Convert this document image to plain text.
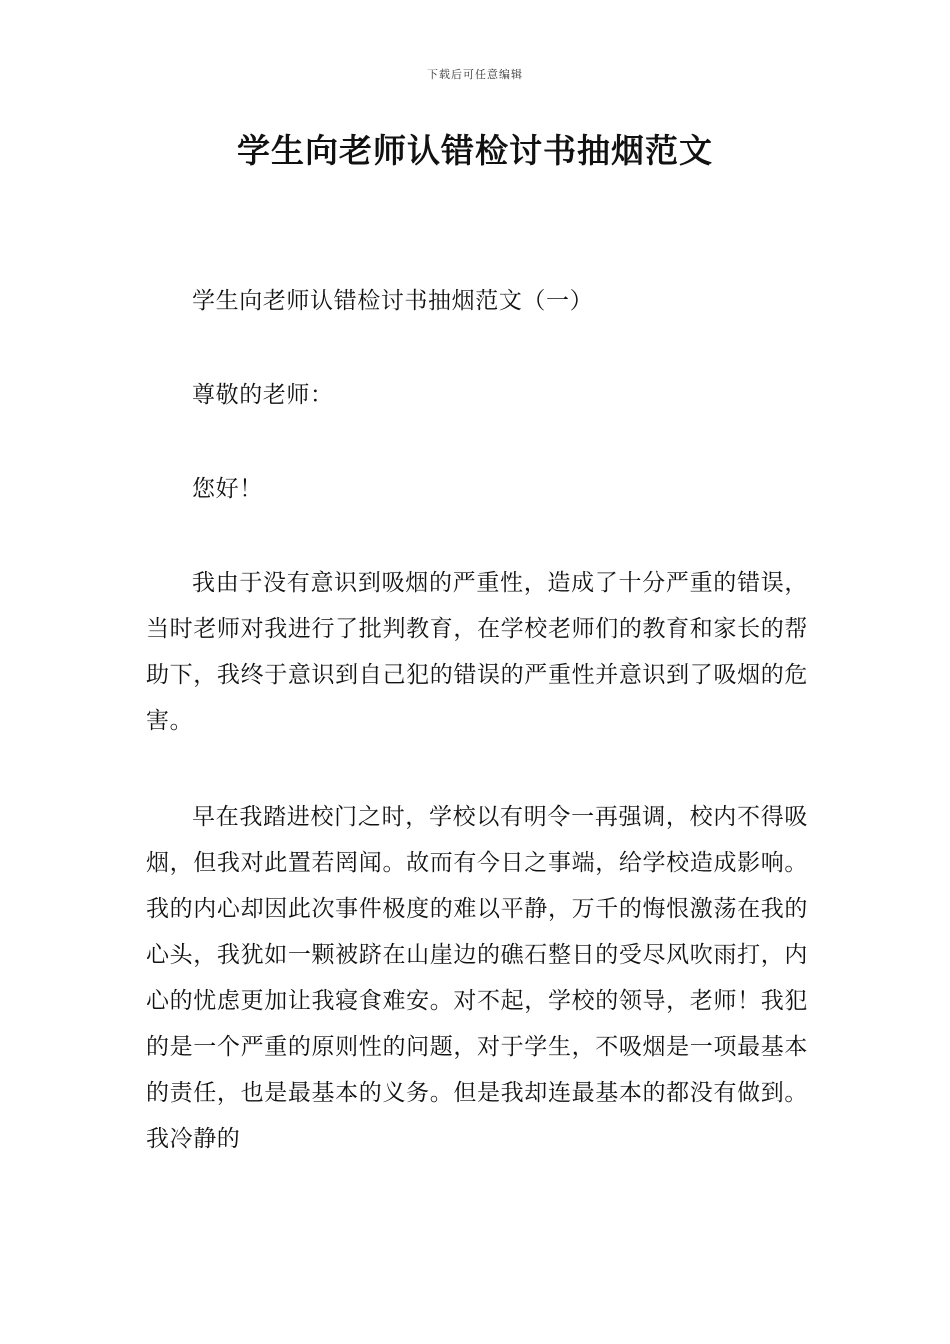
下载后可任意编辑
学生向老师认错检讨书抽烟范文

学生向老师认错检讨书抽烟范文（一）

尊敬的老师：

您好！

我由于没有意识到吸烟的严重性，造成了十分严重的错误，当时老师对我进行了批判教育，在学校老师们的教育和家长的帮助下，我终于意识到自己犯的错误的严重性并意识到了吸烟的危害。

早在我踏进校门之时，学校以有明令一再强调，校内不得吸烟，但我对此置若罔闻。故而有今日之事端，给学校造成影响。我的内心却因此次事件极度的难以平静，万千的悔恨激荡在我的心头，我犹如一颗被跻在山崖边的礁石整日的受尽风吹雨打，内心的忧虑更加让我寝食难安。对不起，学校的领导，老师！我犯的是一个严重的原则性的问题，对于学生，不吸烟是一项最基本的责任，也是最基本的义务。但是我却连最基本的都没有做到。我冷静的
